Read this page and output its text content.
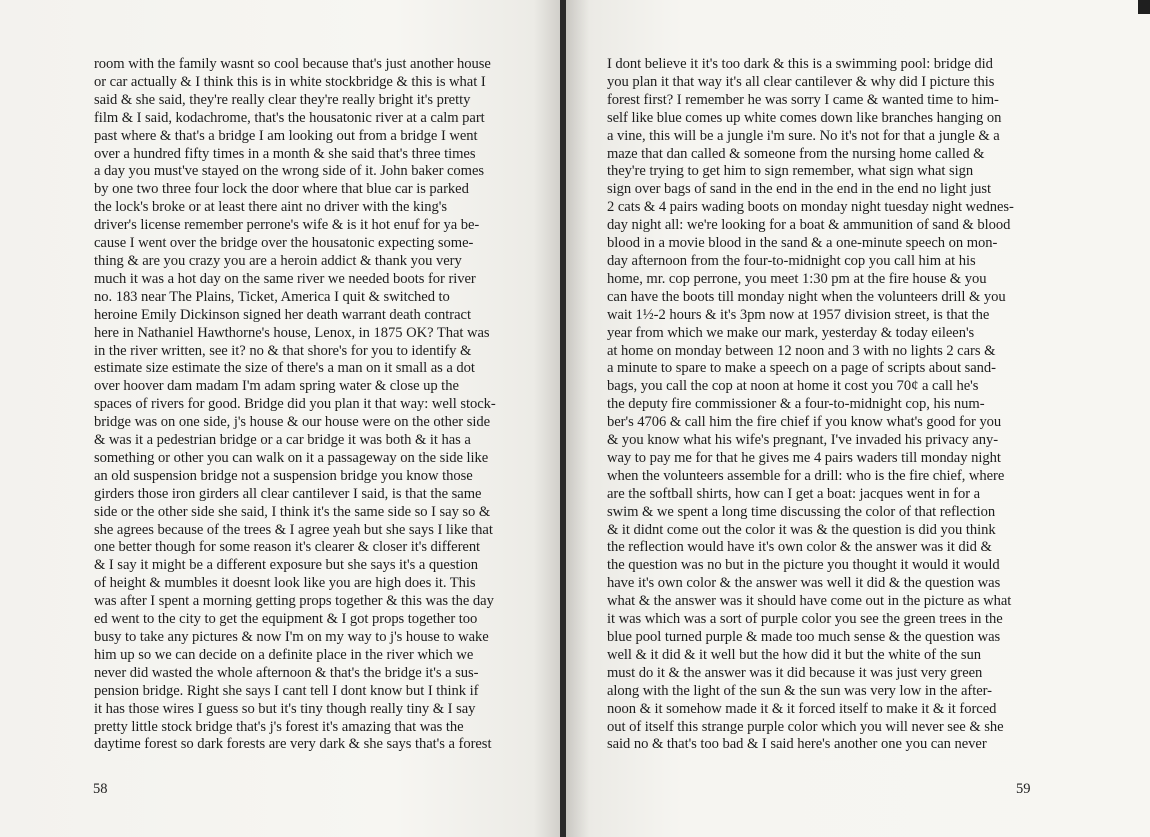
room with the family wasnt so cool because that's just another house
or car actually & I think this is in white stockbridge & this is what I
said & she said, they're really clear they're really bright it's pretty
film & I said, kodachrome, that's the housatonic river at a calm part
past where & that's a bridge I am looking out from a bridge I went
over a hundred fifty times in a month & she said that's three times
a day you must've stayed on the wrong side of it. John baker comes
by one two three four lock the door where that blue car is parked
the lock's broke or at least there aint no driver with the king's
driver's license remember perrone's wife & is it hot enuf for ya be-
cause I went over the bridge over the housatonic expecting some-
thing & are you crazy you are a heroin addict & thank you very
much it was a hot day on the same river we needed boots for river
no. 183 near The Plains, Ticket, America I quit & switched to
heroine Emily Dickinson signed her death warrant death contract
here in Nathaniel Hawthorne's house, Lenox, in 1875 OK? That was
in the river written, see it? no & that shore's for you to identify &
estimate size estimate the size of there's a man on it small as a dot
over hoover dam madam I'm adam spring water & close up the
spaces of rivers for good. Bridge did you plan it that way: well stock-
bridge was on one side, j's house & our house were on the other side
& was it a pedestrian bridge or a car bridge it was both & it has a
something or other you can walk on it a passageway on the side like
an old suspension bridge not a suspension bridge you know those
girders those iron girders all clear cantilever I said, is that the same
side or the other side she said, I think it's the same side so I say so &
she agrees because of the trees & I agree yeah but she says I like that
one better though for some reason it's clearer & closer it's different
& I say it might be a different exposure but she says it's a question
of height & mumbles it doesnt look like you are high does it. This
was after I spent a morning getting props together & this was the day
ed went to the city to get the equipment & I got props together too
busy to take any pictures & now I'm on my way to j's house to wake
him up so we can decide on a definite place in the river which we
never did wasted the whole afternoon & that's the bridge it's a sus-
pension bridge. Right she says I cant tell I dont know but I think if
it has those wires I guess so but it's tiny though really tiny & I say
pretty little stock bridge that's j's forest it's amazing that was the
daytime forest so dark forests are very dark & she says that's a forest
58
I dont believe it it's too dark & this is a swimming pool: bridge did
you plan it that way it's all clear cantilever & why did I picture this
forest first? I remember he was sorry I came & wanted time to him-
self like blue comes up white comes down like branches hanging on
a vine, this will be a jungle i'm sure. No it's not for that a jungle & a
maze that dan called & someone from the nursing home called &
they're trying to get him to sign remember, what sign what sign
sign over bags of sand in the end in the end in the end no light just
2 cats & 4 pairs wading boots on monday night tuesday night wednes-
day night all: we're looking for a boat & ammunition of sand & blood
blood in a movie blood in the sand & a one-minute speech on mon-
day afternoon from the four-to-midnight cop you call him at his
home, mr. cop perrone, you meet 1:30 pm at the fire house & you
can have the boots till monday night when the volunteers drill & you
wait 1½-2 hours & it's 3pm now at 1957 division street, is that the
year from which we make our mark, yesterday & today eileen's
at home on monday between 12 noon and 3 with no lights 2 cars &
a minute to spare to make a speech on a page of scripts about sand-
bags, you call the cop at noon at home it cost you 70¢ a call he's
the deputy fire commissioner & a four-to-midnight cop, his num-
ber's 4706 & call him the fire chief if you know what's good for you
& you know what his wife's pregnant, I've invaded his privacy any-
way to pay me for that he gives me 4 pairs waders till monday night
when the volunteers assemble for a drill: who is the fire chief, where
are the softball shirts, how can I get a boat: jacques went in for a
swim & we spent a long time discussing the color of that reflection
& it didnt come out the color it was & the question is did you think
the reflection would have it's own color & the answer was it did &
the question was no but in the picture you thought it would it would
have it's own color & the answer was well it did & the question was
what & the answer was it should have come out in the picture as what
it was which was a sort of purple color you see the green trees in the
blue pool turned purple & made too much sense & the question was
well & it did & it well but the how did it but the white of the sun
must do it & the answer was it did because it was just very green
along with the light of the sun & the sun was very low in the after-
noon & it somehow made it & it forced itself to make it & it forced
out of itself this strange purple color which you will never see & she
said no & that's too bad & I said here's another one you can never
59
